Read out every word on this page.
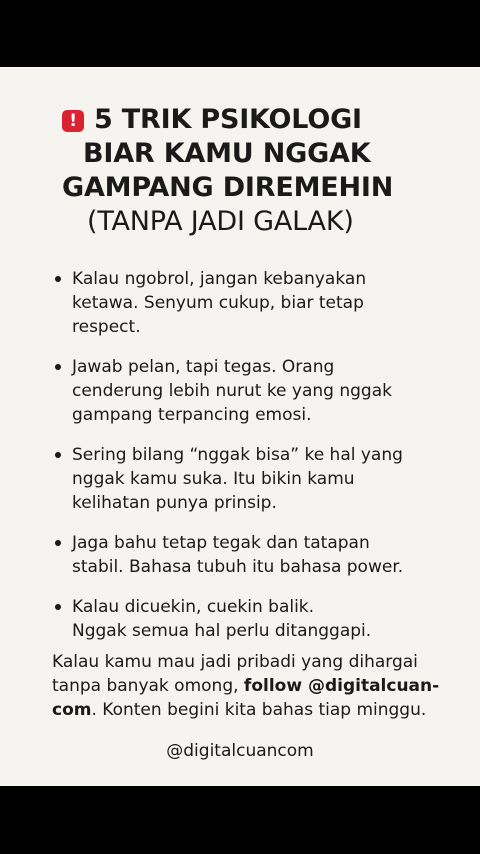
! 5 TRIK PSIKOLOGI
BIAR KAMU NGGAK
GAMPANG DIREMEHIN
(TANPA JADI GALAK)
Kalau ngobrol, jangan kebanyakan
ketawa. Senyum cukup, biar tetap
respect.
Jawab pelan, tapi tegas. Orang
cenderung lebih nurut ke yang nggak
gampang terpancing emosi.
Sering bilang “nggak bisa” ke hal yang
nggak kamu suka. Itu bikin kamu
kelihatan punya prinsip.
Jaga bahu tetap tegak dan tatapan
stabil. Bahasa tubuh itu bahasa power.
Kalau dicuekin, cuekin balik.
Nggak semua hal perlu ditanggapi.
Kalau kamu mau jadi pribadi yang dihargai
tanpa banyak omong, follow @digitalcuan-
com. Konten begini kita bahas tiap minggu.
@digitalcuancom
